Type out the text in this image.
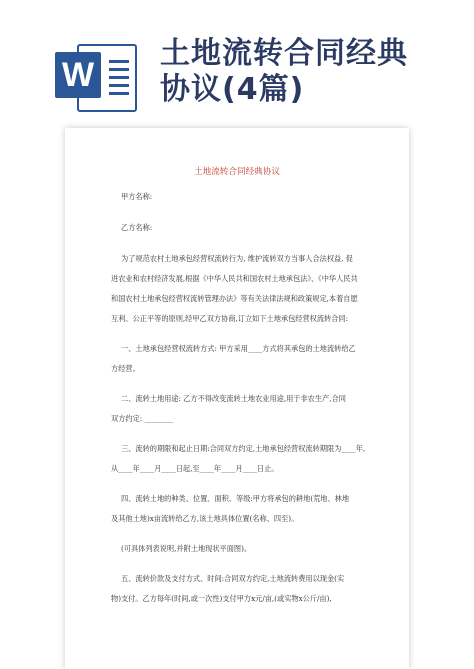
W
土地流转合同经典
协议(4篇)
土地流转合同经典协议
甲方名称:
乙方名称:
为了规范农村土地承包经营权流转行为, 维护流转双方当事人合法权益, 促
进农业和农村经济发展,根据《中华人民共和国农村土地承包法》、《中华人民共
和国农村土地承包经营权流转管理办法》等有关法律法规和政策规定,本着自愿
互利、公正平等的原则,经甲乙双方协商,订立如下土地承包经营权流转合同:
一、土地承包经营权流转方式: 甲方采用____方式将其承包的土地流转给乙
方经营。
二、流转土地用途: 乙方不得改变流转土地农业用途,用于非农生产,合同
双方约定: ________
三、流转的期限和起止日期:合同双方约定,土地承包经营权流转期限为____年,
从____年____月____日起,至____年____月____日止。
四、流转土地的种类、位置、面积、等级:甲方将承包的耕地(荒地、林地
及其他土地)x亩流转给乙方,该土地具体位置(名称、四至)。
(可具体列表说明,并附土地现状平面图)。
五、流转价款及支付方式、时间:合同双方约定,土地流转费用以现金(实
物)支付。乙方每年(时间,或一次性)支付甲方x元/亩,(或实物x公斤/亩),
